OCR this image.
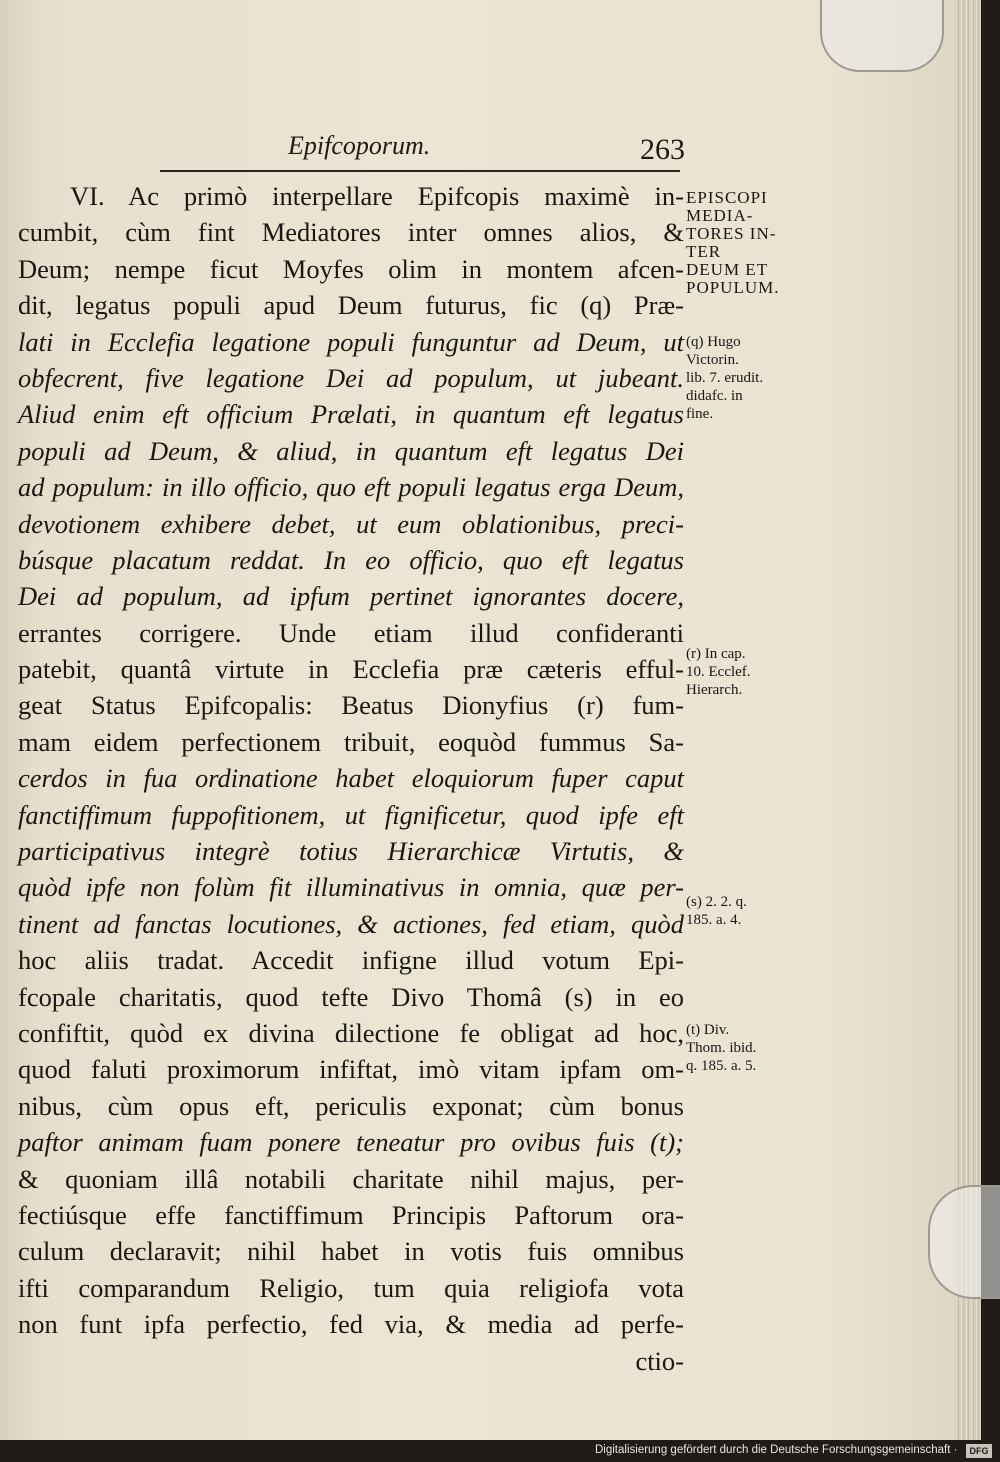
Epifcoporum.	263
VI. Ac primò interpellare Epifcopis maximè in-
cumbit, cùm fint Mediatores inter omnes alios, &
Deum; nempe ficut Moyfes olim in montem afcen-
dit, legatus populi apud Deum futurus, fic (q) Præ-
lati in Ecclefia legatione populi funguntur ad Deum, ut
obfecrent, five legatione Dei ad populum, ut jubeant.
Aliud enim eft officium Prælati, in quantum eft legatus
populi ad Deum, & aliud, in quantum eft legatus Dei
ad populum: in illo officio, quo eft populi legatus erga Deum,
devotionem exhibere debet, ut eum oblationibus, preci-
búsque placatum reddat. In eo officio, quo eft legatus
Dei ad populum, ad ipfum pertinet ignorantes docere,
errantes corrigere. Unde etiam illud confideranti
patebit, quantâ virtute in Ecclefia præ cæteris efful-
geat Status Epifcopalis: Beatus Dionyfius (r) fum-
mam eidem perfectionem tribuit, eoquòd fummus Sa-
cerdos in fua ordinatione habet eloquiorum fuper caput
fanctiffimum fuppofitionem, ut fignificetur, quod ipfe eft
participativus integrè totius Hierarchicæ Virtutis, &
quòd ipfe non folùm fit illuminativus in omnia, quæ per-
tinent ad fanctas locutiones, & actiones, fed etiam, quòd
hoc aliis tradat. Accedit infigne illud votum Epi-
fcopale charitatis, quod tefte Divo Thomâ (s) in eo
confiftit, quòd ex divina dilectione fe obligat ad hoc,
quod faluti proximorum infiftat, imò vitam ipfam om-
nibus, cùm opus eft, periculis exponat; cùm bonus
paftor animam fuam ponere teneatur pro ovibus fuis (t);
& quoniam illâ notabili charitate nihil majus, per-
fectiúsque effe fanctiffimum Principis Paftorum ora-
culum declaravit; nihil habet in votis fuis omnibus
ifti comparandum Religio, tum quia religiofa vota
non funt ipfa perfectio, fed via, & media ad perfe-
ctio-
EPISCOPI
MEDIA-
TORES IN-
TER
DEUM ET
POPULUM.
(q) Hugo
Victorin.
lib. 7. erudit.
didafc. in
fine.
(r) In cap.
10. Ecclef.
Hierarch.
(s) 2. 2. q.
185. a. 4.
(t) Div.
Thom. ibid.
q. 185. a. 5.
Digitalisierung gefördert durch die Deutsche Forschungsgemeinschaft ·	DFG
